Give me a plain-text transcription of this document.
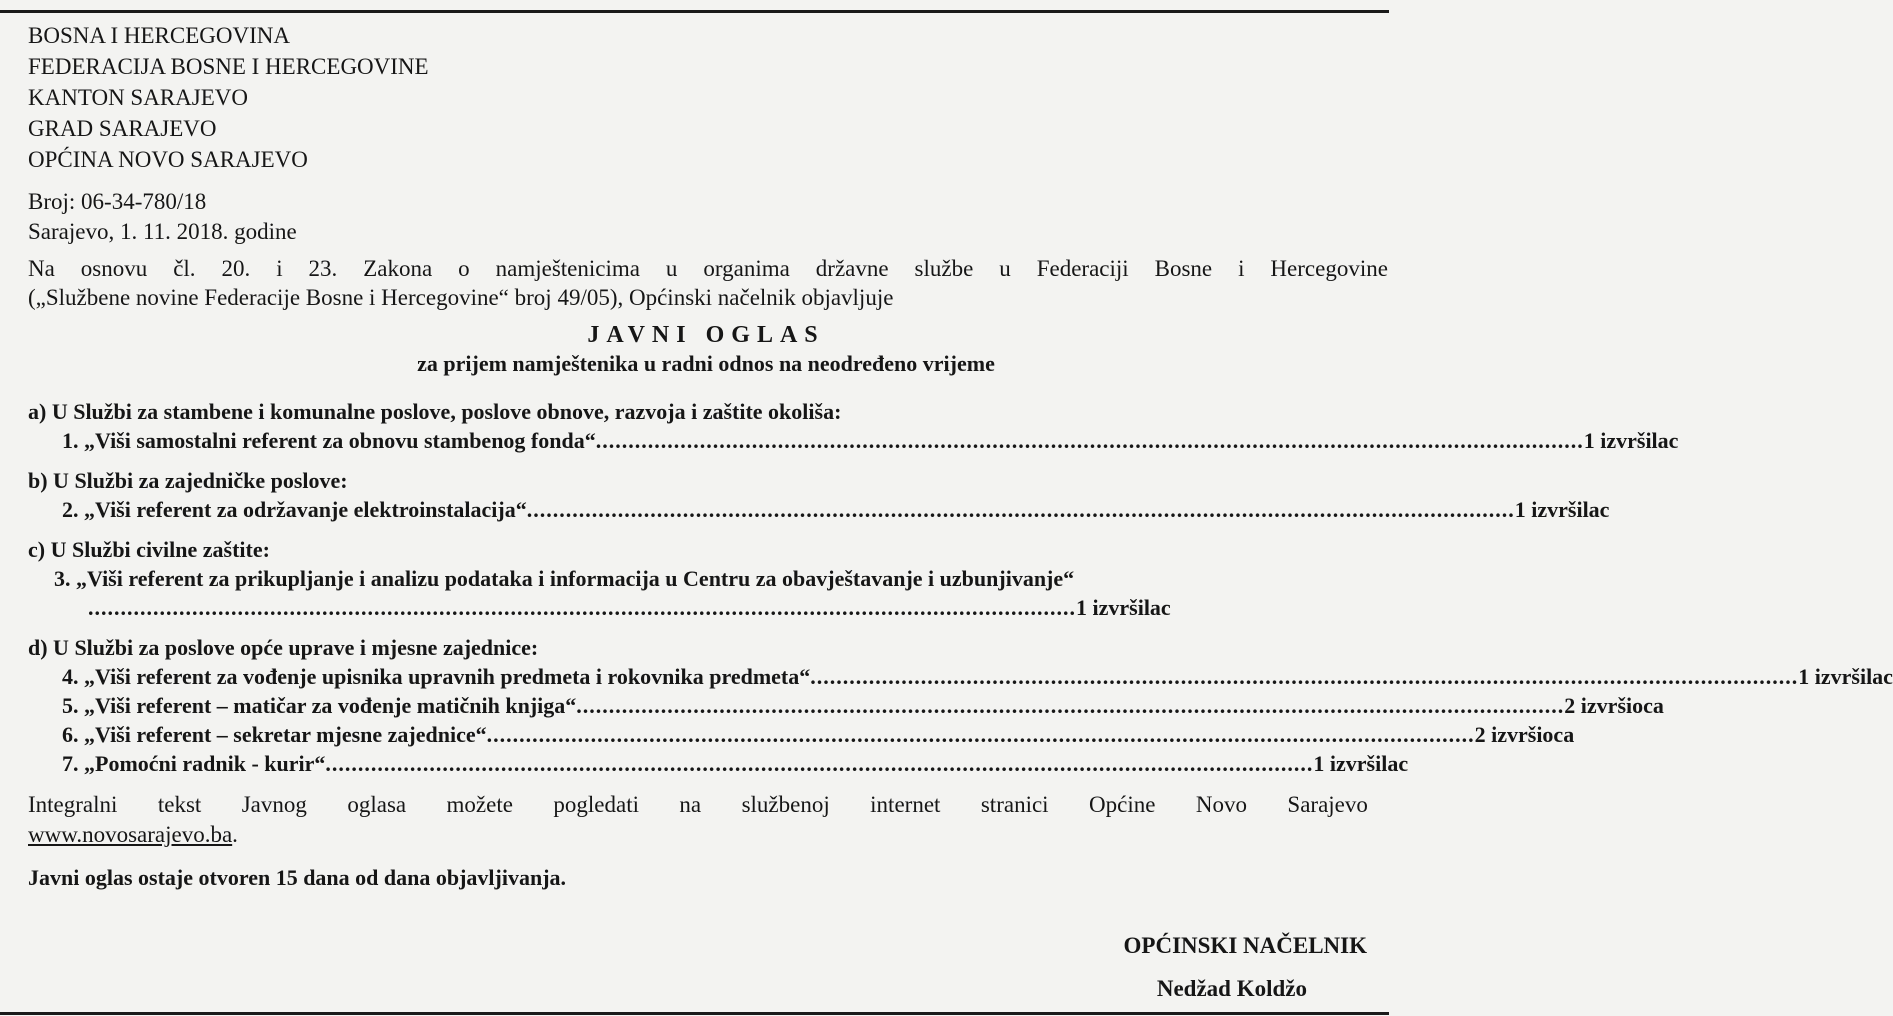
BOSNA I HERCEGOVINA
FEDERACIJA BOSNE I HERCEGOVINE
KANTON SARAJEVO
GRAD SARAJEVO
OPĆINA NOVO SARAJEVO
Broj: 06-34-780/18
Sarajevo, 1. 11. 2018. godine
Na osnovu čl. 20. i 23. Zakona o namještenicima u organima državne službe u Federaciji Bosne i Hercegovine
(„Službene novine Federacije Bosne i Hercegovine“ broj 49/05), Općinski načelnik objavljuje
JAVNI OGLAS
za prijem namještenika u radni odnos na neodređeno vrijeme
a) U Službi za stambene i komunalne poslove, poslove obnove, razvoja i zaštite okoliša:
1. „Viši samostalni referent za obnovu stambenog fonda“ ........................................................................................................................................................ 1 izvršilac
b) U Službi za zajedničke poslove:
2. „Viši referent za održavanje elektroinstalacija“ ........................................................................................................................................................ 1 izvršilac
c) U Službi civilne zaštite:
3. „Viši referent za prikupljanje i analizu podataka i informacija u Centru za obavještavanje i uzbunjivanje“
........................................................................................................................................................ 1 izvršilac
d) U Službi za poslove opće uprave i mjesne zajednice:
4. „Viši referent za vođenje upisnika upravnih predmeta i rokovnika predmeta“ ........................................................................................................................................................ 1 izvršilac
5. „Viši referent – matičar za vođenje matičnih knjiga“ ........................................................................................................................................................ 2 izvršioca
6. „Viši referent – sekretar mjesne zajednice“ ........................................................................................................................................................ 2 izvršioca
7. „Pomoćni radnik - kurir“ ........................................................................................................................................................ 1 izvršilac
Integralni tekst Javnog oglasa možete pogledati na službenoj internet stranici Općine Novo Sarajevo
www.novosarajevo.ba.
Javni oglas ostaje otvoren 15 dana od dana objavljivanja.
OPĆINSKI NAČELNIK
Nedžad Koldžo
